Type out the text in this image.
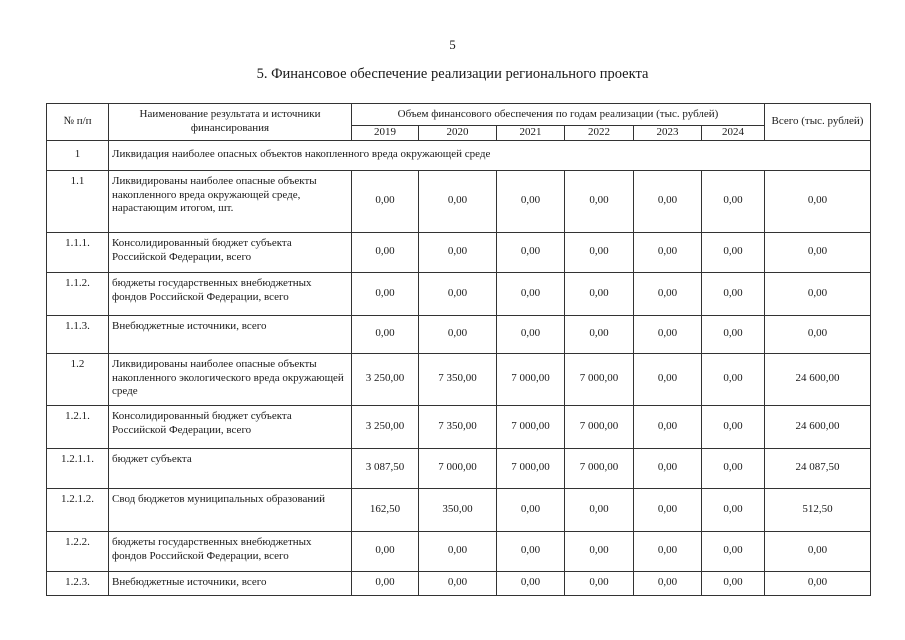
5
5. Финансовое обеспечение реализации регионального проекта
№ п/п	Наименование результата и источники финансирования	Объем финансового обеспечения по годам реализации (тыс. рублей)						Всего (тыс. рублей)
		2019	2020	2021	2022	2023	2024	
1	Ликвидация наиболее опасных объектов накопленного вреда окружающей среде							
1.1	Ликвидированы наиболее опасные объекты накопленного вреда окружающей среде, нарастающим итогом, шт.	0,00	0,00	0,00	0,00	0,00	0,00	0,00
1.1.1.	Консолидированный бюджет субъекта Российской Федерации, всего	0,00	0,00	0,00	0,00	0,00	0,00	0,00
1.1.2.	бюджеты государственных внебюджетных фондов Российской Федерации, всего	0,00	0,00	0,00	0,00	0,00	0,00	0,00
1.1.3.	Внебюджетные источники, всего	0,00	0,00	0,00	0,00	0,00	0,00	0,00
1.2	Ликвидированы наиболее опасные объекты накопленного экологического вреда окружающей среде	3 250,00	7 350,00	7 000,00	7 000,00	0,00	0,00	24 600,00
1.2.1.	Консолидированный бюджет субъекта Российской Федерации, всего	3 250,00	7 350,00	7 000,00	7 000,00	0,00	0,00	24 600,00
1.2.1.1.	бюджет субъекта	3 087,50	7 000,00	7 000,00	7 000,00	0,00	0,00	24 087,50
1.2.1.2.	Свод бюджетов муниципальных образований	162,50	350,00	0,00	0,00	0,00	0,00	512,50
1.2.2.	бюджеты государственных внебюджетных фондов Российской Федерации, всего	0,00	0,00	0,00	0,00	0,00	0,00	0,00
1.2.3.	Внебюджетные источники, всего	0,00	0,00	0,00	0,00	0,00	0,00	0,00
